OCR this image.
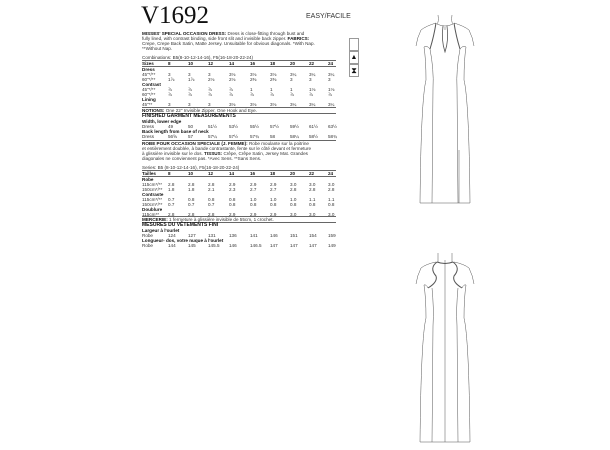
V1692	EASY/FACILE
MISSES' SPECIAL OCCASION DRESS: Dress is close-fitting through bust and
fully lined, with contrast binding, side front slit and invisible back zipper. FABRICS:
Crepe, Crepe Back Satin, Matte Jersey. Unsuitable for obvious diagonals. *With Nap.
**Without Nap.
Combinations: B5(8-10-12-14-16), F5(16-18-20-22-24)
Sizes	8	10	12	14	16	18	20	22	24
Dress
45"*/**	3	3	3	3⅛	3⅛	3⅛	3¼	3¼	3¼
60"*/**	1⅞	1⅞	2⅛	2⅛	2⅜	2⅜	3	3	3
Contrast
45"*/**	⅞	⅞	⅞	⅞	1	1	1	1⅛	1⅛
60"*/**	⅞	⅞	⅞	⅞	⅞	⅞	⅞	⅞	⅞
Lining
45"**	3	3	3	3⅛	3⅛	3⅛	3¼	3¼	3¼
NOTIONS: One 22" Invisible Zipper, One Hook and Eye.
FINISHED GARMENT MEASUREMENTS
Width, lower edge
Dress	49	50	51½	53½	55½ 57½ 59½ 61½ 63½
Back length from base of neck
Dress	56⅝ 57	57¼	57½	57¾ 58	58¼ 58½ 58¾
ROBE POUR OCCASION SPECIALE (J. FEMME): Robe moulante sur la poitrine
et entièrement doublée, à bande contrastante, fente sur le côté devant et fermeture
à glissière invisible sur le dos. TISSUS: Crêpe, Crêpe Satin, Jersey Mat. Grandes
diagonales ne conviennent pas. *Avec Sens. **Sans Sens.
Series: B5 (8-10-12-14-16), F5(16-18-20-22-24)
Tailles	8	10	12	14	16	18	20	22	24
Robe
115cm*/** 2.8	2.8	2.8	2.9	2.9	2.9	3.0	3.0	3.0
150cm*/** 1.8	1.8	2.1	2.3	2.7	2.7	2.8	2.8	2.8
Contraste
115cm*/** 0.7	0.8	0.8	0.8	1.0	1.0	1.0	1.1	1.1
150cm*/** 0.7	0.7	0.7	0.8	0.8	0.8	0.8	0.8	0.8
Doublure
115cm** 2.8	2.8	2.8	2.9	2.9	2.9	3.0	3.0	3.0
MERCERIE: 1 fermeture à glissière invisible de 55cm, 1 crochet.
MESURES DU VÊTEMENTS FINI
Largeur à l'ourlet
Robe	124	127	131	136	141	146	151 154 159
Longueur- dos, votre nuque à l'ourlet
Robe	144	145	145.5 146	146.5 147	147 147 149
▲
⧗
